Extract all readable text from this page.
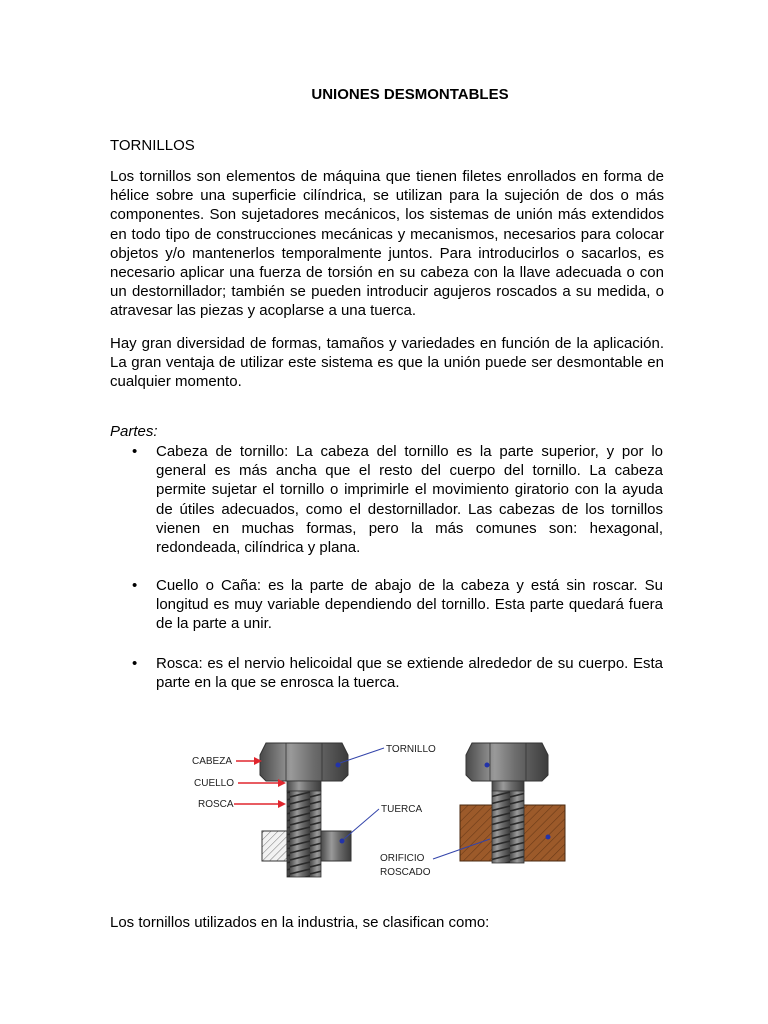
UNIONES DESMONTABLES
TORNILLOS

Los tornillos son elementos de máquina que tienen filetes enrollados en forma de hélice sobre una superficie cilíndrica, se utilizan para la sujeción de dos o más componentes. Son sujetadores mecánicos, los sistemas de unión más extendidos en todo tipo de construcciones mecánicas y mecanismos, necesarios para colocar objetos y/o mantenerlos temporalmente juntos. Para introducirlos o sacarlos, es necesario aplicar una fuerza de torsión en su cabeza con la llave adecuada o con un destornillador; también se pueden introducir agujeros roscados a su medida, o atravesar las piezas y acoplarse a una tuerca.

Hay gran diversidad de formas, tamaños y variedades en función de la aplicación. La gran ventaja de utilizar este sistema es que la unión puede ser desmontable en cualquier momento.

Partes:
• Cabeza de tornillo: La cabeza del tornillo es la parte superior, y por lo general es más ancha que el resto del cuerpo del tornillo. La cabeza permite sujetar el tornillo o imprimirle el movimiento giratorio con la ayuda de útiles adecuados, como el destornillador. Las cabezas de los tornillos vienen en muchas formas, pero la más comunes son: hexagonal, redondeada, cilíndrica y plana.
• Cuello o Caña: es la parte de abajo de la cabeza y está sin roscar. Su longitud es muy variable dependiendo del tornillo. Esta parte quedará fuera de la parte a unir.
• Rosca: es el nervio helicoidal que se extiende alrededor de su cuerpo. Esta parte en la que se enrosca la tuerca.
Los tornillos utilizados en la industria, se clasifican como:
CABEZA
CUELLO
ROSCA
TORNILLO
TUERCA
ORIFICIO
ROSCADO
